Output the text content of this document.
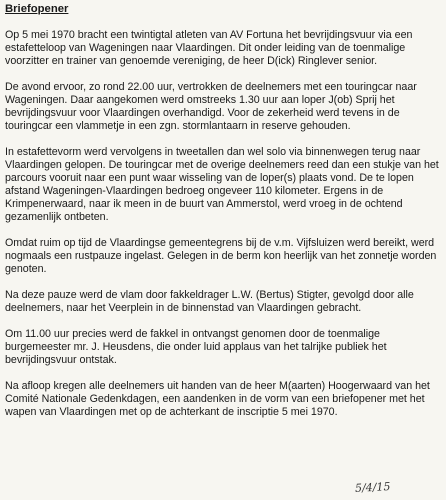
Briefopener

Op 5 mei 1970 bracht een twintigtal atleten van AV Fortuna het bevrijdingsvuur via een estafetteloop van Wageningen naar Vlaardingen. Dit onder leiding van de toenmalige voorzitter en trainer van genoemde vereniging, de heer D(ick) Ringlever senior.

De avond ervoor, zo rond 22.00 uur, vertrokken de deelnemers met een touringcar naar Wageningen. Daar aangekomen werd omstreeks 1.30 uur aan loper J(ob) Sprij het bevrijdingsvuur voor Vlaardingen overhandigd. Voor de zekerheid werd tevens in de touringcar een vlammetje in een zgn. stormlantaarn in reserve gehouden.

In estafettevorm werd vervolgens in tweetallen dan wel solo via binnenwegen terug naar Vlaardingen gelopen. De touringcar met de overige deelnemers reed dan een stukje van het parcours vooruit naar een punt waar wisseling van de loper(s) plaats vond. De te lopen afstand Wageningen-Vlaardingen bedroeg ongeveer 110 kilometer. Ergens in de Krimpenerwaard, naar ik meen in de buurt van Ammerstol, werd vroeg in de ochtend gezamenlijk ontbeten.

Omdat ruim op tijd de Vlaardingse gemeentegrens bij de v.m. Vijfsluizen werd bereikt, werd nogmaals een rustpauze ingelast. Gelegen in de berm kon heerlijk van het zonnetje worden genoten.

Na deze pauze werd de vlam door fakkeldrager L.W. (Bertus) Stigter, gevolgd door alle deelnemers, naar het Veerplein in de binnenstad van Vlaardingen gebracht.

Om 11.00 uur precies werd de fakkel in ontvangst genomen door de toenmalige burgemeester mr. J. Heusdens, die onder luid applaus van het talrijke publiek het bevrijdingsvuur ontstak.

Na afloop kregen alle deelnemers uit handen van de heer M(aarten) Hoogerwaard van het Comité Nationale Gedenkdagen, een aandenken in de vorm van een briefopener met het wapen van Vlaardingen met op de achterkant de inscriptie 5 mei 1970.

5/4/15
